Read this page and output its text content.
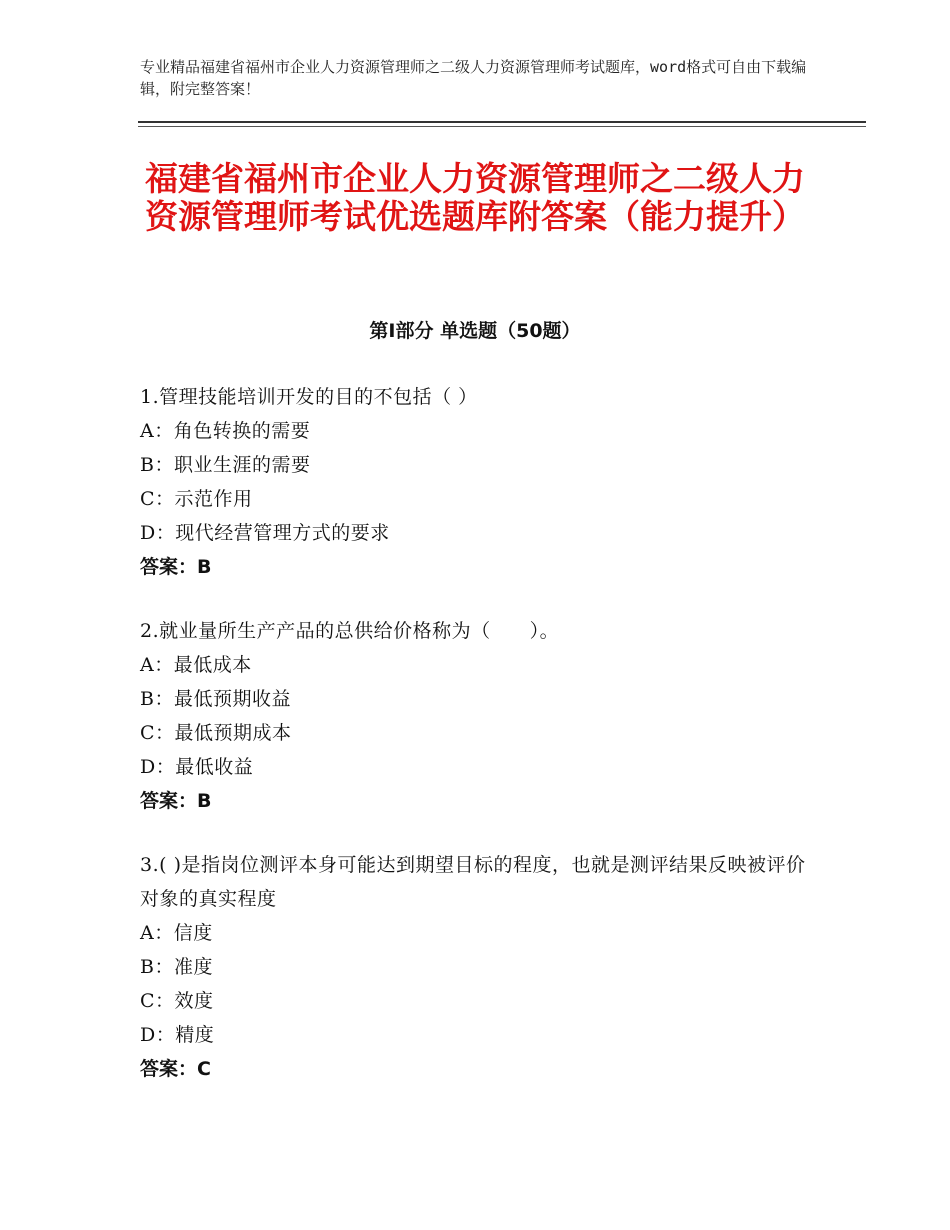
专业精品福建省福州市企业人力资源管理师之二级人力资源管理师考试题库，word格式可自由下载编辑，附完整答案！
福建省福州市企业人力资源管理师之二级人力资源管理师考试优选题库附答案（能力提升）
第Ⅰ部分 单选题（50题）
1.管理技能培训开发的目的不包括（ ）
A：角色转换的需要
B：职业生涯的需要
C：示范作用
D：现代经营管理方式的要求
答案：B
2.就业量所生产产品的总供给价格称为（　　）。
A：最低成本
B：最低预期收益
C：最低预期成本
D：最低收益
答案：B
3.( )是指岗位测评本身可能达到期望目标的程度，也就是测评结果反映被评价对象的真实程度
A：信度
B：准度
C：效度
D：精度
答案：C
